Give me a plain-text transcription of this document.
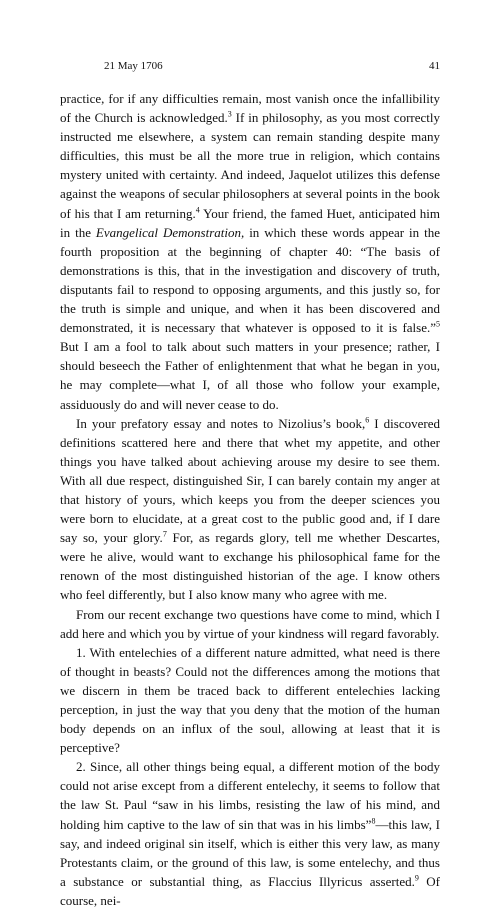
21 May 1706	41

practice, for if any difficulties remain, most vanish once the infallibility of the Church is acknowledged.$^3$ If in philosophy, as you most correctly instructed me elsewhere, a system can remain standing despite many difficulties, this must be all the more true in religion, which contains mystery united with certainty. And indeed, Jaquelot utilizes this defense against the weapons of secular philosophers at several points in the book of his that I am returning.$^4$ Your friend, the famed Huet, anticipated him in the Evangelical Demonstration, in which these words appear in the fourth proposition at the beginning of chapter 40: “The basis of demonstrations is this, that in the investigation and discovery of truth, disputants fail to respond to opposing arguments, and this justly so, for the truth is simple and unique, and when it has been discovered and demonstrated, it is necessary that whatever is opposed to it is false.”$^5$ But I am a fool to talk about such matters in your presence; rather, I should beseech the Father of enlightenment that what he began in you, he may complete—what I, of all those who follow your example, assiduously do and will never cease to do.

In your prefatory essay and notes to Nizolius’s book,$^6$ I discovered definitions scattered here and there that whet my appetite, and other things you have talked about achieving arouse my desire to see them. With all due respect, distinguished Sir, I can barely contain my anger at that history of yours, which keeps you from the deeper sciences you were born to elucidate, at a great cost to the public good and, if I dare say so, your glory.$^7$ For, as regards glory, tell me whether Descartes, were he alive, would want to exchange his philosophical fame for the renown of the most distinguished historian of the age. I know others who feel differently, but I also know many who agree with me.

From our recent exchange two questions have come to mind, which I add here and which you by virtue of your kindness will regard favorably.

1. With entelechies of a different nature admitted, what need is there of thought in beasts? Could not the differences among the motions that we discern in them be traced back to different entelechies lacking perception, in just the way that you deny that the motion of the human body depends on an influx of the soul, allowing at least that it is perceptive?

2. Since, all other things being equal, a different motion of the body could not arise except from a different entelechy, it seems to follow that the law St. Paul “saw in his limbs, resisting the law of his mind, and holding him captive to the law of sin that was in his limbs”$^8$—this law, I say, and indeed original sin itself, which is either this very law, as many Protestants claim, or the ground of this law, is some entelechy, and thus a substance or substantial thing, as Flaccius Illyricus asserted.$^9$ Of course, nei-
